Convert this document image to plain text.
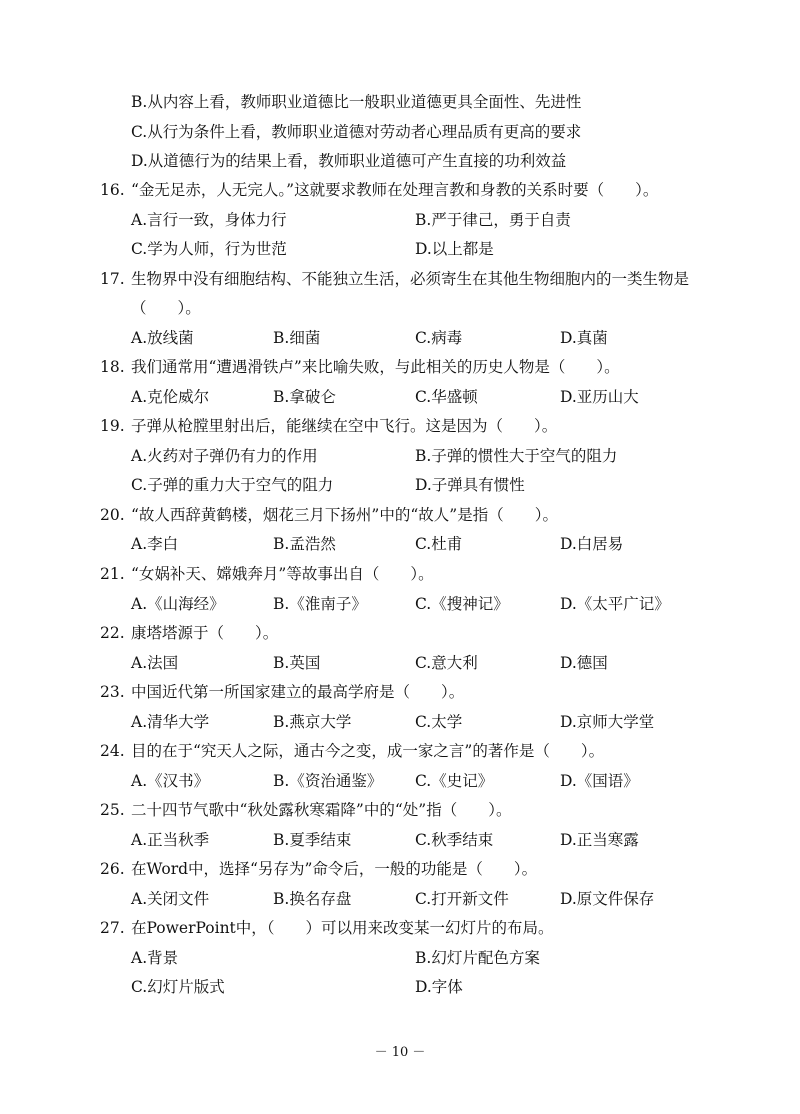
B.从内容上看，教师职业道德比一般职业道德更具全面性、先进性
C.从行为条件上看，教师职业道德对劳动者心理品质有更高的要求
D.从道德行为的结果上看，教师职业道德可产生直接的功利效益
16. “金无足赤，人无完人。”这就要求教师在处理言教和身教的关系时要（　　）。
A.言行一致，身体力行	B.严于律己，勇于自责
C.学为人师，行为世范	D.以上都是
17. 生物界中没有细胞结构、不能独立生活，必须寄生在其他生物细胞内的一类生物是
（　　）。
A.放线菌	B.细菌	C.病毒	D.真菌
18. 我们通常用“遭遇滑铁卢”来比喻失败，与此相关的历史人物是（　　）。
A.克伦威尔	B.拿破仑	C.华盛顿	D.亚历山大
19. 子弹从枪膛里射出后，能继续在空中飞行。这是因为（　　）。
A.火药对子弹仍有力的作用	B.子弹的惯性大于空气的阻力
C.子弹的重力大于空气的阻力	D.子弹具有惯性
20. “故人西辞黄鹤楼，烟花三月下扬州”中的“故人”是指（　　）。
A.李白	B.孟浩然	C.杜甫	D.白居易
21. “女娲补天、嫦娥奔月”等故事出自（　　）。
A.《山海经》	B.《淮南子》	C.《搜神记》	D.《太平广记》
22. 康塔塔源于（　　）。
A.法国	B.英国	C.意大利	D.德国
23. 中国近代第一所国家建立的最高学府是（　　）。
A.清华大学	B.燕京大学	C.太学	D.京师大学堂
24. 目的在于“究天人之际，通古今之变，成一家之言”的著作是（　　）。
A.《汉书》	B.《资治通鉴》 C.《史记》	D.《国语》
25. 二十四节气歌中“秋处露秋寒霜降”中的“处”指（　　）。
A.正当秋季	B.夏季结束	C.秋季结束	D.正当寒露
26. 在Word中，选择“另存为”命令后，一般的功能是（　　）。
A.关闭文件	B.换名存盘	C.打开新文件	D.原文件保存
27. 在PowerPoint中，（　　）可以用来改变某一幻灯片的布局。
A.背景	B.幻灯片配色方案
C.幻灯片版式	D.字体
－ 10 －
